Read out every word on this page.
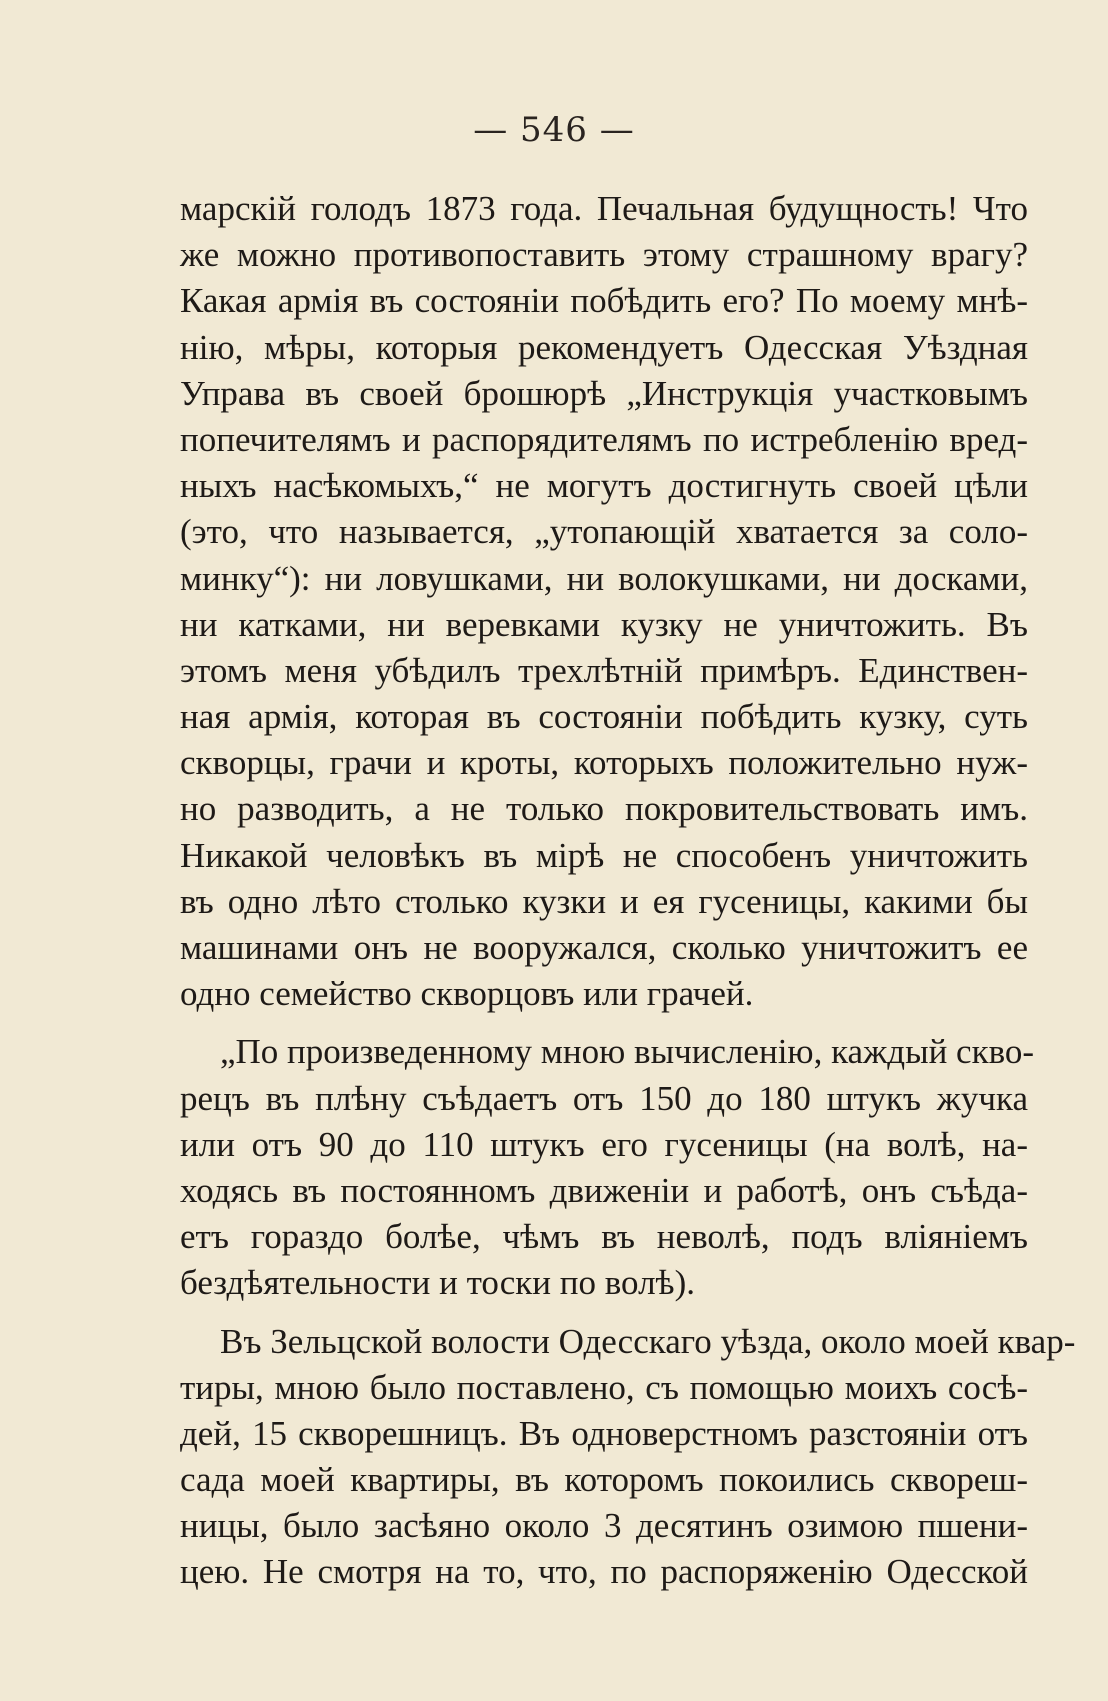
— 546 —
марскій голодъ 1873 года. Печальная будущность! Что
же можно противопоставить этому страшному врагу?
Какая армія въ состояніи побѣдить его? По моему мнѣ-
нію, мѣры, которыя рекомендуетъ Одесская Уѣздная
Управа въ своей брошюрѣ „Инструкція участковымъ
попечителямъ и распорядителямъ по истребленію вред-
ныхъ насѣкомыхъ,“ не могутъ достигнуть своей цѣли
(это, что называется, „утопающій хватается за соло-
минку“): ни ловушками, ни волокушками, ни досками,
ни катками, ни веревками кузку не уничтожить. Въ
этомъ меня убѣдилъ трехлѣтній примѣръ. Единствен-
ная армія, которая въ состояніи побѣдить кузку, суть
скворцы, грачи и кроты, которыхъ положительно нуж-
но разводить, а не только покровительствовать имъ.
Никакой человѣкъ въ мірѣ не способенъ уничтожить
въ одно лѣто столько кузки и ея гусеницы, какими бы
машинами онъ не вооружался, сколько уничтожитъ ее
одно семейство скворцовъ или грачей.
„По произведенному мною вычисленію, каждый скво-
рецъ въ плѣну съѣдаетъ отъ 150 до 180 штукъ жучка
или отъ 90 до 110 штукъ его гусеницы (на волѣ, на-
ходясь въ постоянномъ движеніи и работѣ, онъ съѣда-
етъ гораздо болѣе, чѣмъ въ неволѣ, подъ вліяніемъ
бездѣятельности и тоски по волѣ).
Въ Зельцской волости Одесскаго уѣзда, около моей квар-
тиры, мною было поставлено, съ помощью моихъ сосѣ-
дей, 15 скворешницъ. Въ одноверстномъ разстояніи отъ
сада моей квартиры, въ которомъ покоились скворeш-
ницы, было засѣяно около 3 десятинъ озимою пшени-
цею. Не смотря на то, что, по распоряженію Одесской
